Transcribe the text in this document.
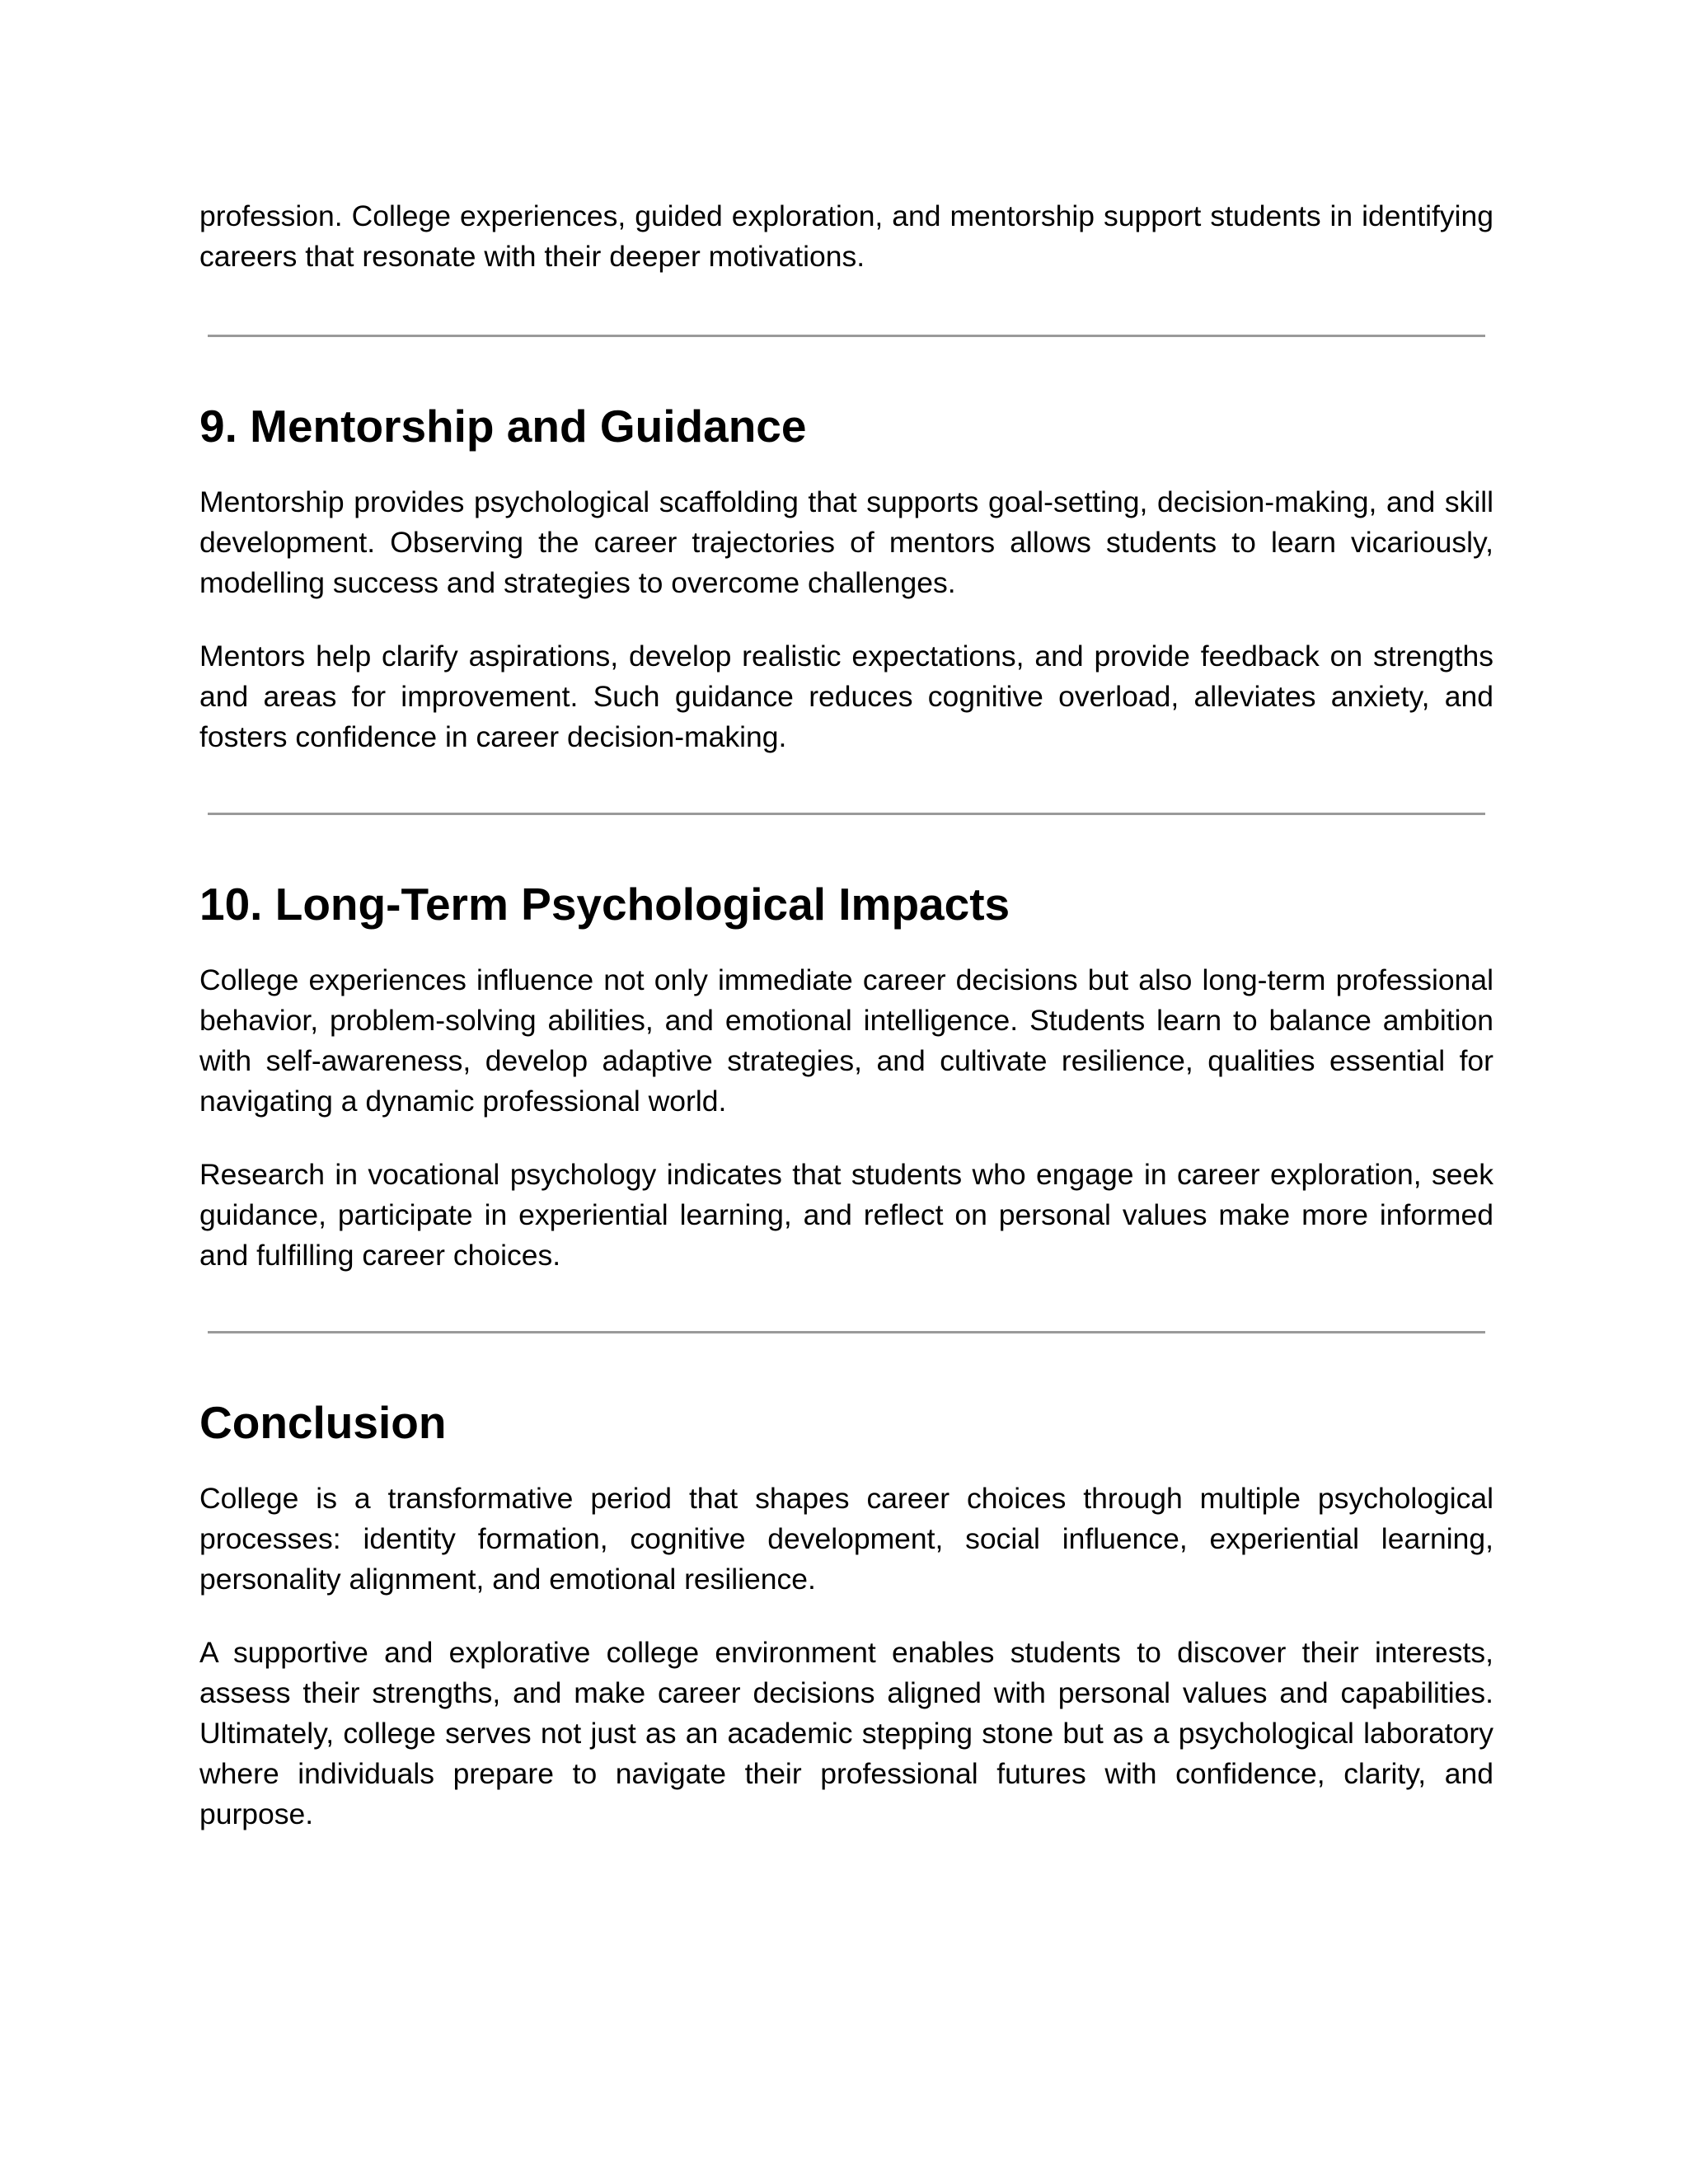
profession. College experiences, guided exploration, and mentorship support students in identifying careers that resonate with their deeper motivations.

9. Mentorship and Guidance

Mentorship provides psychological scaffolding that supports goal-setting, decision-making, and skill development. Observing the career trajectories of mentors allows students to learn vicariously, modelling success and strategies to overcome challenges.

Mentors help clarify aspirations, develop realistic expectations, and provide feedback on strengths and areas for improvement. Such guidance reduces cognitive overload, alleviates anxiety, and fosters confidence in career decision-making.

10. Long-Term Psychological Impacts

College experiences influence not only immediate career decisions but also long-term professional behavior, problem-solving abilities, and emotional intelligence. Students learn to balance ambition with self-awareness, develop adaptive strategies, and cultivate resilience, qualities essential for navigating a dynamic professional world.

Research in vocational psychology indicates that students who engage in career exploration, seek guidance, participate in experiential learning, and reflect on personal values make more informed and fulfilling career choices.

Conclusion

College is a transformative period that shapes career choices through multiple psychological processes: identity formation, cognitive development, social influence, experiential learning, personality alignment, and emotional resilience.

A supportive and explorative college environment enables students to discover their interests, assess their strengths, and make career decisions aligned with personal values and capabilities. Ultimately, college serves not just as an academic stepping stone but as a psychological laboratory where individuals prepare to navigate their professional futures with confidence, clarity, and purpose.
